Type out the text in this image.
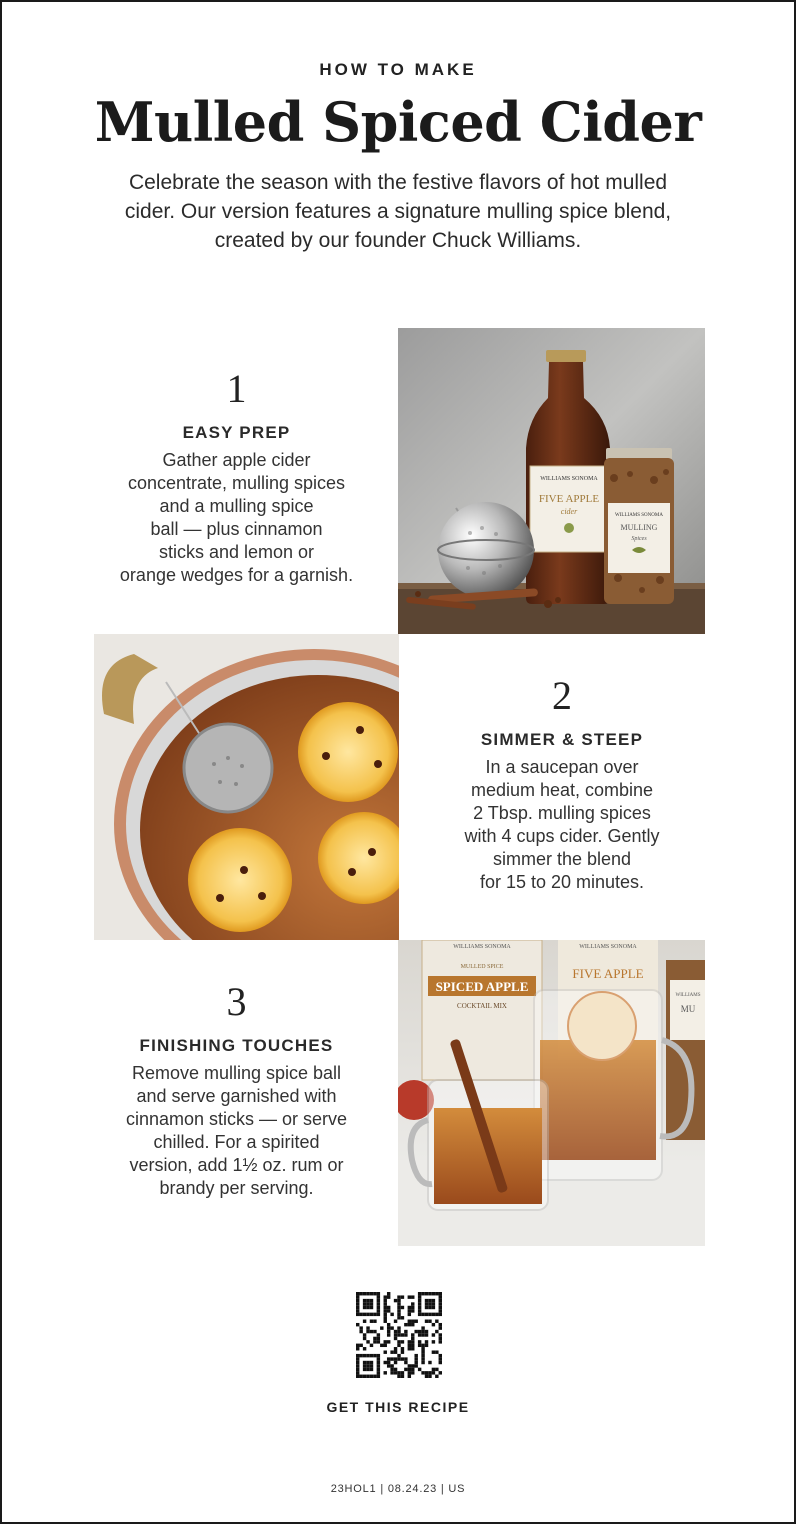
HOW TO MAKE
Mulled Spiced Cider
Celebrate the season with the festive flavors of hot mulled cider. Our version features a signature mulling spice blend, created by our founder Chuck Williams.
1
EASY PREP
Gather apple cider
concentrate, mulling spices
and a mulling spice
ball — plus cinnamon
sticks and lemon or
orange wedges for a garnish.
WILLIAMS SONOMA
FIVE APPLE
cider	WILLIAMS SONOMA
MULLING
Spices
2
SIMMER & STEEP
In a saucepan over
medium heat, combine
2 Tbsp. mulling spices
with 4 cups cider. Gently
simmer the blend
for 15 to 20 minutes.
3
FINISHING TOUCHES
Remove mulling spice ball
and serve garnished with
cinnamon sticks — or serve
chilled. For a spirited
version, add 1½ oz. rum or
brandy per serving.
WILLIAMS SONOMA
MULLED SPICE
SPICED APPLE
COCKTAIL MIX
WILLIAMS SONOMA
FIVE APPLE
WILLIAMS
MU
GET THIS RECIPE
23HOL1 | 08.24.23 | US
